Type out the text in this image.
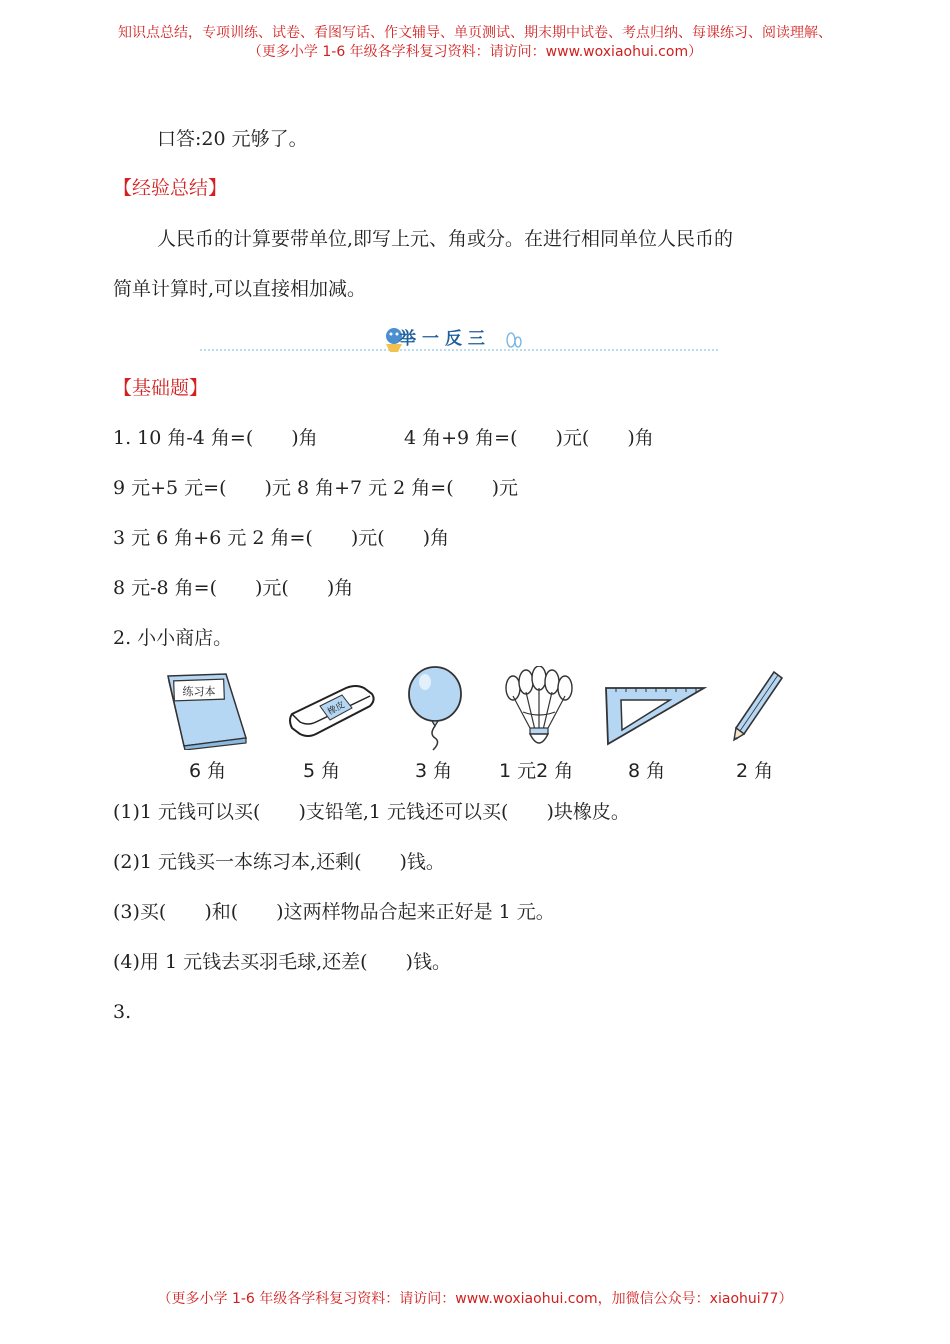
知识点总结，专项训练、试卷、看图写话、作文辅导、单页测试、期末期中试卷、考点归纳、每课练习、阅读理解、
（更多小学 1-6 年级各学科复习资料：请访问：www.woxiaohui.com）
口答:20 元够了。
【经验总结】
人民币的计算要带单位,即写上元、角或分。在进行相同单位人民币的
简单计算时,可以直接相加减。
举 一 反 三
【基础题】
1. 10 角-4 角=(　　)角	4 角+9 角=(　　)元(　　)角
9 元+5 元=(　　)元 8 角+7 元 2 角=(　　)元
3 元 6 角+6 元 2 角=(　　)元(　　)角
8 元-8 角=(　　)元(　　)角
2. 小小商店。
练习本
橡皮
6 角	5 角	3 角 1 元2 角	8 角	2 角
(1)1 元钱可以买(　　)支铅笔,1 元钱还可以买(　　)块橡皮。
(2)1 元钱买一本练习本,还剩(　　)钱。
(3)买(　　)和(　　)这两样物品合起来正好是 1 元。
(4)用 1 元钱去买羽毛球,还差(　　)钱。
3.
（更多小学 1-6 年级各学科复习资料：请访问：www.woxiaohui.com，加微信公众号：xiaohui77）
